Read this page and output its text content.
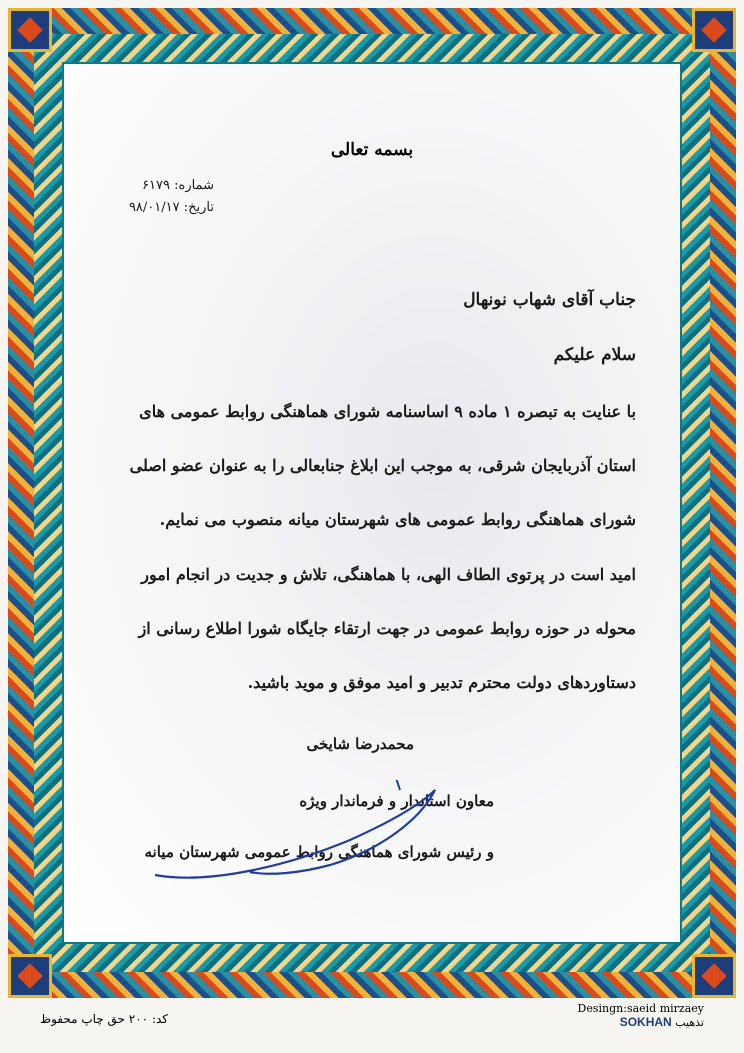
بسمه تعالی
شماره: ۶۱۷۹
تاریخ: ۹۸/۰۱/۱۷
جناب آقای شهاب نونهال
سلام علیکم
با عنایت به تبصره ۱ ماده ۹ اساسنامه شورای هماهنگی روابط عمومی های استان آذربایجان شرقی، به موجب این ابلاغ جنابعالی را به عنوان عضو اصلی شورای هماهنگی روابط عمومی های شهرستان میانه منصوب می نمایم.
امید است در پرتوی الطاف الهی، با هماهنگی، تلاش و جدیت در انجام امور محوله در حوزه روابط عمومی در جهت ارتقاء جایگاه شورا اطلاع رسانی از دستاوردهای دولت محترم تدبیر و امید موفق و موید باشید.
محمدرضا شایخی
معاون استاندار و فرماندار ویژه
و رئیس شورای هماهنگی روابط عمومی شهرستان میانه
کد: ۲۰۰ حق چاپ محفوظ
Desingn:saeid mirzaey
SOKHAN تذهیب
